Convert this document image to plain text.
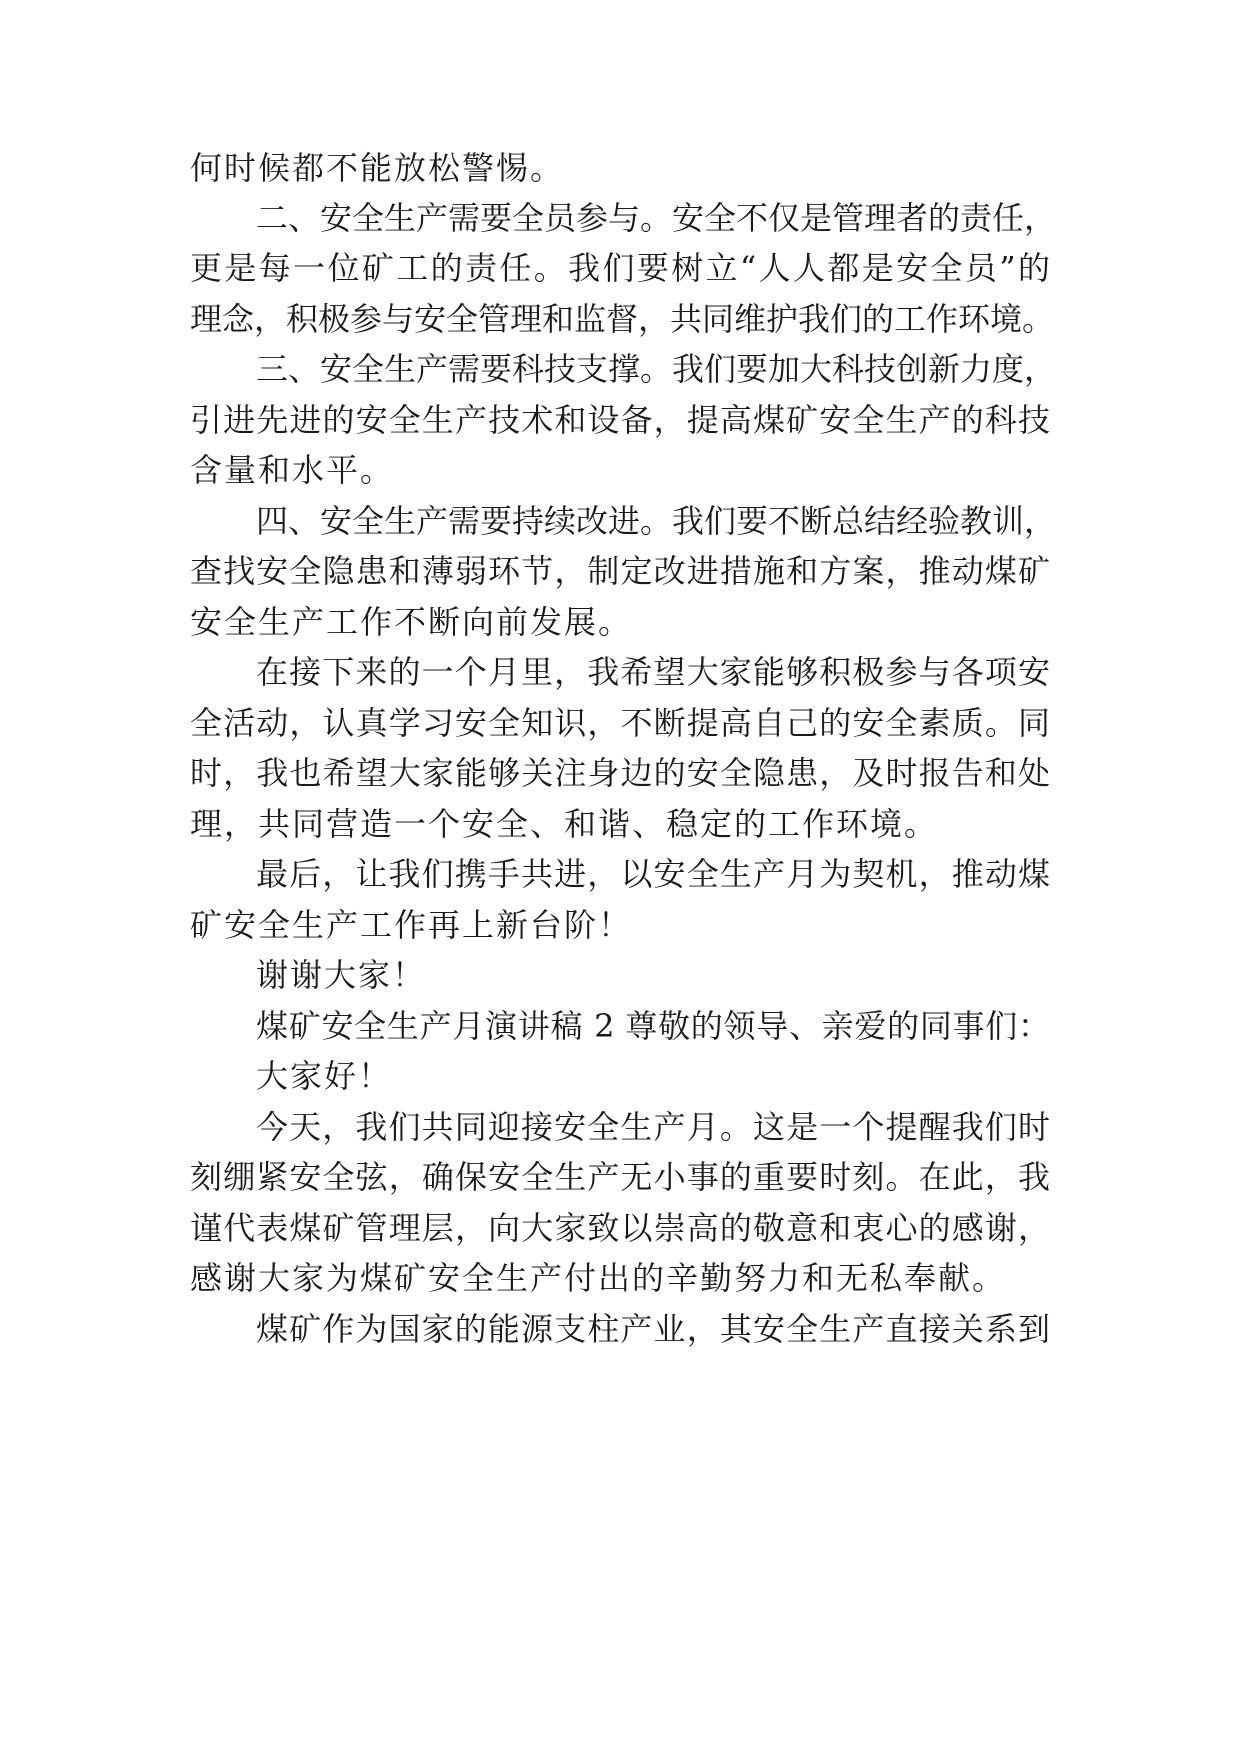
何时候都不能放松警惕。

二、安全生产需要全员参与。安全不仅是管理者的责任，

更是每一位矿工的责任。我们要树立“人人都是安全员”的

理念，积极参与安全管理和监督，共同维护我们的工作环境。

三、安全生产需要科技支撑。我们要加大科技创新力度，

引进先进的安全生产技术和设备，提高煤矿安全生产的科技

含量和水平。

四、安全生产需要持续改进。我们要不断总结经验教训，

查找安全隐患和薄弱环节，制定改进措施和方案，推动煤矿

安全生产工作不断向前发展。

在接下来的一个月里，我希望大家能够积极参与各项安

全活动，认真学习安全知识，不断提高自己的安全素质。同

时，我也希望大家能够关注身边的安全隐患，及时报告和处

理，共同营造一个安全、和谐、稳定的工作环境。

最后，让我们携手共进，以安全生产月为契机，推动煤

矿安全生产工作再上新台阶！

谢谢大家！

煤矿安全生产月演讲稿 2 尊敬的领导、亲爱的同事们：

大家好！

今天，我们共同迎接安全生产月。这是一个提醒我们时

刻绷紧安全弦，确保安全生产无小事的重要时刻。在此，我

谨代表煤矿管理层，向大家致以崇高的敬意和衷心的感谢，

感谢大家为煤矿安全生产付出的辛勤努力和无私奉献。

煤矿作为国家的能源支柱产业，其安全生产直接关系到
